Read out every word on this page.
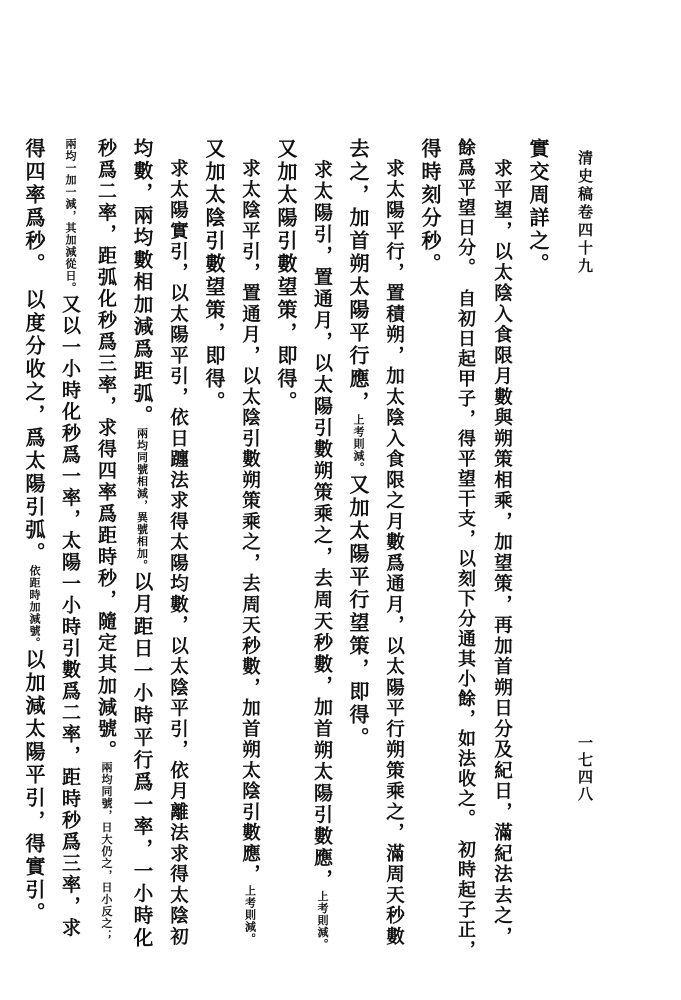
清史稿卷四十九
一七四八
實交周詳之。
　求平望，以太陰入食限月數與朔策相乘，加望策，再加首朔日分及紀日，滿紀法去之，
餘爲平望日分。　自初日起甲子，得平望干支，以刻下分通其小餘，如法收之。　初時起子正，
得時刻分秒。
　求太陽平行，置積朔，加太陰入食限之月數爲通月，以太陽平行朔策乘之，滿周天秒數
去之，加首朔太陽平行應，上考則減。又加太陽平行望策，即得。
　求太陽引，置通月，以太陽引數朔策乘之，去周天秒數，加首朔太陽引數應，上考則減。
又加太陽引數望策，即得。
　求太陰平引，置通月，以太陰引數朔策乘之，去周天秒數，加首朔太陰引數應，上考則減。
又加太陰引數望策，即得。
　求太陽實引，以太陽平引，依日躔法求得太陽均數，以太陰平引，依月離法求得太陰初
均數，兩均數相加減爲距弧。兩均同號相減，異號相加。以月距日一小時平行爲一率，一小時化
秒爲二率，距弧化秒爲三率，求得四率爲距時秒，隨定其加減號。兩均同號，日大仍之，日小反之；
兩均一加一減，其加減從日。又以一小時化秒爲一率，太陽一小時引數爲二率，距時秒爲三率，求
得四率爲秒。　以度分收之，爲太陽引弧。依距時加減號。以加減太陽平引，得實引。
